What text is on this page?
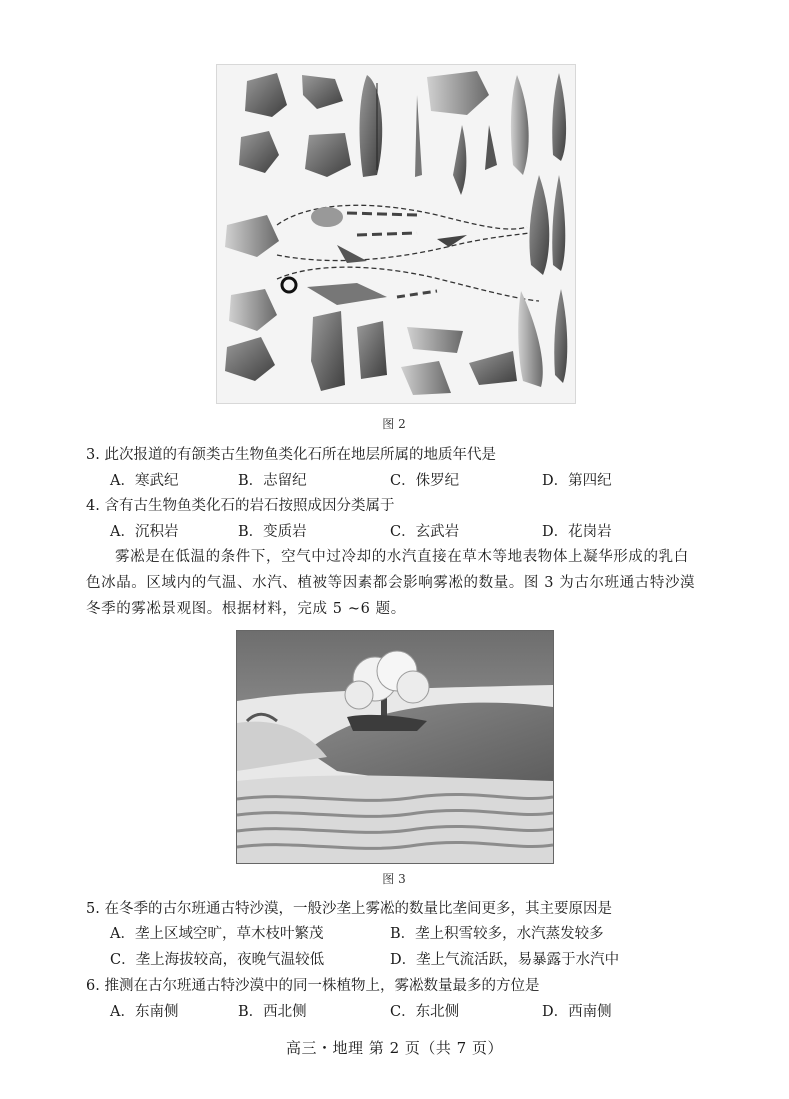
图 2
3. 此次报道的有颌类古生物鱼类化石所在地层所属的地质年代是
A．寒武纪	B．志留纪	C．侏罗纪	D．第四纪
4. 含有古生物鱼类化石的岩石按照成因分类属于
A．沉积岩	B．变质岩	C．玄武岩	D．花岗岩
雾凇是在低温的条件下，空气中过冷却的水汽直接在草木等地表物体上凝华形成的乳白色冰晶。区域内的气温、水汽、植被等因素都会影响雾凇的数量。图 3 为古尔班通古特沙漠冬季的雾凇景观图。根据材料，完成 5 ~6 题。
图 3
5. 在冬季的古尔班通古特沙漠，一般沙垄上雾凇的数量比垄间更多，其主要原因是
A．垄上区域空旷，草木枝叶繁茂	B．垄上积雪较多，水汽蒸发较多
C．垄上海拔较高，夜晚气温较低	D．垄上气流活跃，易暴露于水汽中
6. 推测在古尔班通古特沙漠中的同一株植物上，雾凇数量最多的方位是
A．东南侧	B．西北侧	C．东北侧	D．西南侧
高三・地理 第 2 页（共 7 页）
